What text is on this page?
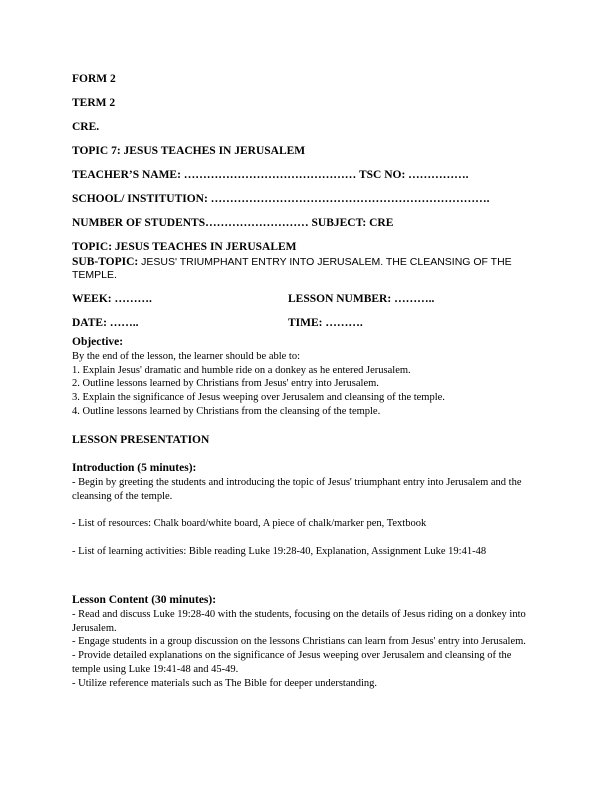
FORM 2
TERM 2
CRE.
TOPIC 7: JESUS TEACHES IN JERUSALEM
TEACHER’S NAME: ……………………………………… TSC NO: …………….
SCHOOL/ INSTITUTION: ……………………………………………………………….
NUMBER OF STUDENTS……………………… SUBJECT: CRE
TOPIC: JESUS TEACHES IN JERUSALEM
SUB-TOPIC: JESUS' TRIUMPHANT ENTRY INTO JERUSALEM. THE CLEANSING OF THE TEMPLE.
WEEK: ……….	LESSON NUMBER: ………..
DATE: ……..	TIME: ……….
Objective:

By the end of the lesson, the learner should be able to:

1. Explain Jesus' dramatic and humble ride on a donkey as he entered Jerusalem.

2. Outline lessons learned by Christians from Jesus' entry into Jerusalem.

3. Explain the significance of Jesus weeping over Jerusalem and cleansing of the temple.

4. Outline lessons learned by Christians from the cleansing of the temple.

LESSON PRESENTATION
Introduction (5 minutes):

- Begin by greeting the students and introducing the topic of Jesus' triumphant entry into Jerusalem and the cleansing of the temple.

- List of resources: Chalk board/white board, A piece of chalk/marker pen, Textbook

- List of learning activities: Bible reading Luke 19:28-40, Explanation, Assignment Luke 19:41-48

Lesson Content (30 minutes):

- Read and discuss Luke 19:28-40 with the students, focusing on the details of Jesus riding on a donkey into Jerusalem.

- Engage students in a group discussion on the lessons Christians can learn from Jesus' entry into Jerusalem.

- Provide detailed explanations on the significance of Jesus weeping over Jerusalem and cleansing of the temple using Luke 19:41-48 and 45-49.

- Utilize reference materials such as The Bible for deeper understanding.
